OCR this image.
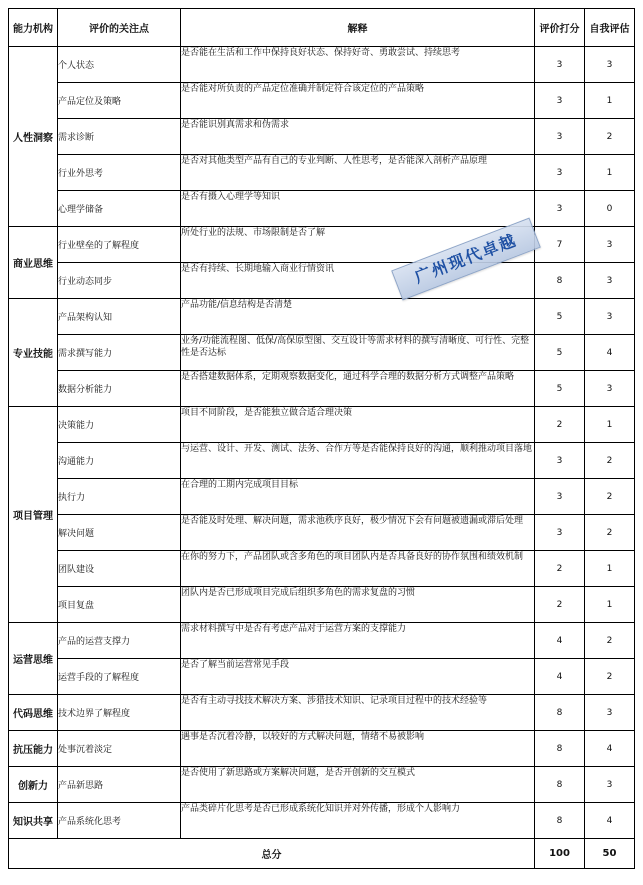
能力机构	评价的关注点	解释	评价打分	自我评估
人性洞察	个人状态	是否能在生活和工作中保持良好状态、保持好奇、勇敢尝试、持续思考	3	3
	产品定位及策略	是否能对所负责的产品定位准确并制定符合该定位的产品策略	3	1
	需求诊断	是否能识别真需求和伪需求	3	2
	行业外思考	是否对其他类型产品有自己的专业判断、人性思考，是否能深入剖析产品原理	3	1
	心理学储备	是否有摄入心理学等知识	3	0
商业思维	行业壁垒的了解程度	所处行业的法规、市场限制是否了解	7	3
	行业动态同步	是否有持续、长期地输入商业行情资讯	8	3
专业技能	产品架构认知	产品功能/信息结构是否清楚	5	3
	需求撰写能力	业务/功能流程图、低保/高保原型图、交互设计等需求材料的撰写清晰度、可行性、完整性是否达标	5	4
	数据分析能力	是否搭建数据体系，定期观察数据变化，通过科学合理的数据分析方式调整产品策略	5	3
项目管理	决策能力	项目不同阶段，是否能独立做合适合理决策	2	1
	沟通能力	与运营、设计、开发、测试、法务、合作方等是否能保持良好的沟通，顺利推动项目落地	3	2
	执行力	在合理的工期内完成项目目标	3	2
	解决问题	是否能及时处理、解决问题，需求池秩序良好，极少情况下会有问题被遗漏或滞后处理	3	2
	团队建设	在你的努力下，产品团队或含多角色的项目团队内是否具备良好的协作氛围和绩效机制	2	1
	项目复盘	团队内是否已形成项目完成后组织多角色的需求复盘的习惯	2	1
运营思维	产品的运营支撑力	需求材料撰写中是否有考虑产品对于运营方案的支撑能力	4	2
	运营手段的了解程度	是否了解当前运营常见手段	4	2
代码思维	技术边界了解程度	是否有主动寻找技术解决方案、涉猎技术知识、记录项目过程中的技术经验等	8	3
抗压能力	处事沉着淡定	遇事是否沉着冷静，以较好的方式解决问题，情绪不易被影响	8	4
创新力	产品新思路	是否使用了新思路或方案解决问题，是否开创新的交互模式	8	3
知识共享	产品系统化思考	产品类碎片化思考是否已形成系统化知识并对外传播，形成个人影响力	8	4
总分			100	50
广州现代卓越
